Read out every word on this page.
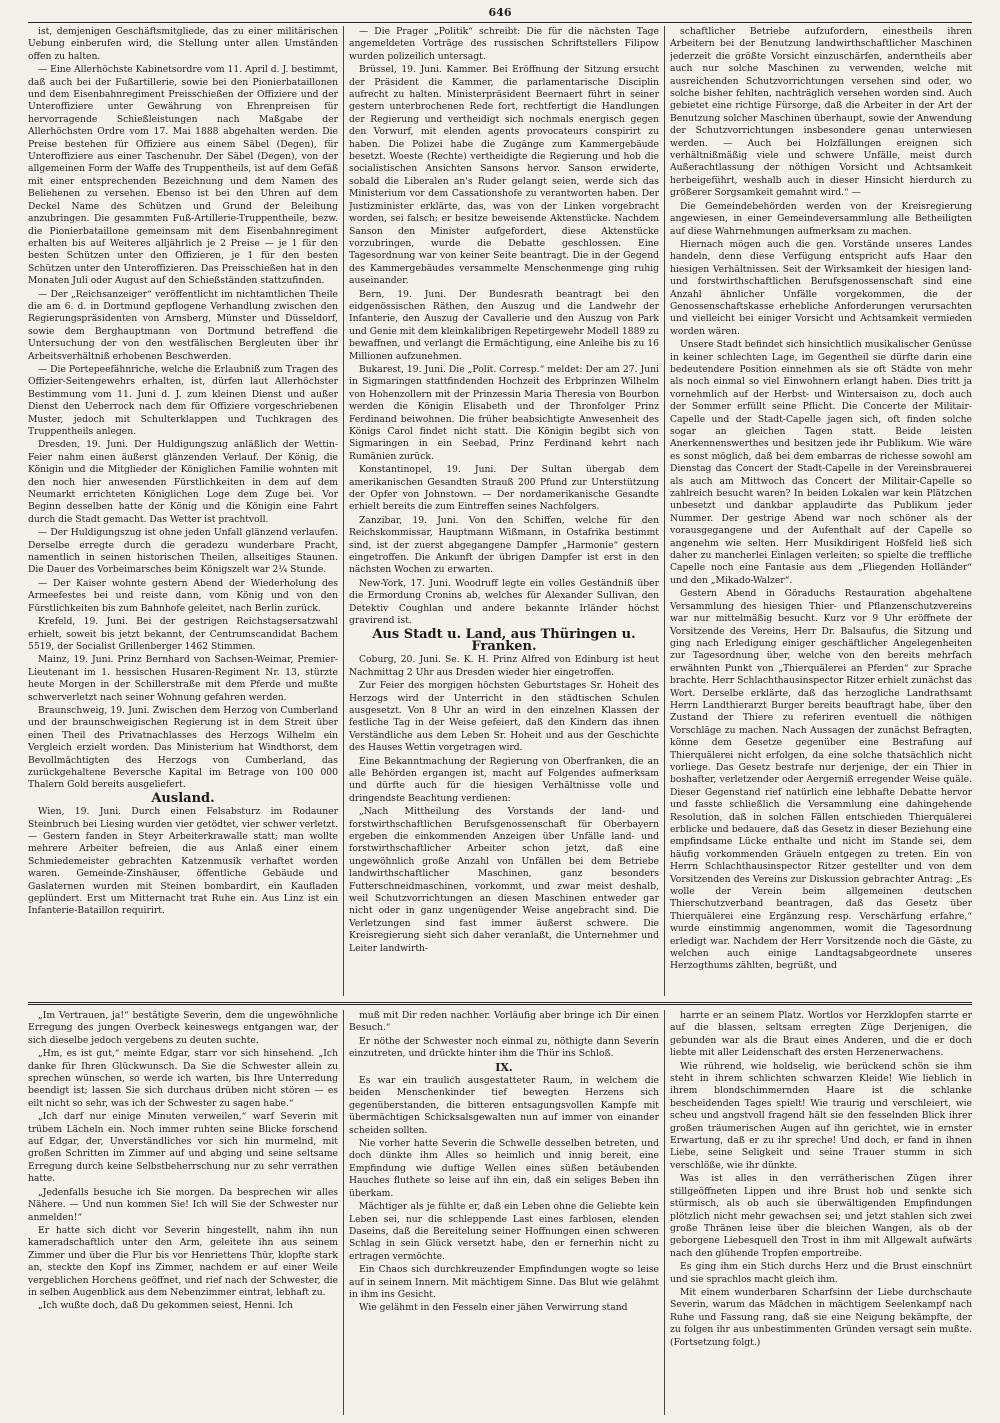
646

ist, demjenigen Geschäftsmitgliede, das zu einer militärischen Uebung einberufen wird, die Stellung unter allen Umständen offen zu halten.

— Eine Allerhöchste Kabinetsordre vom 11. April d. J. bestimmt, daß auch bei der Fußartillerie, sowie bei den Pionierbataillonen und dem Eisenbahnregiment Preisschießen der Offiziere und der Unteroffiziere unter Gewährung von Ehrenpreisen für hervorragende Schießleistungen nach Maßgabe der Allerhöchsten Ordre vom 17. Mai 1888 abgehalten werden. Die Preise bestehen für Offiziere aus einem Säbel (Degen), für Unteroffiziere aus einer Taschenuhr. Der Säbel (Degen), von der allgemeinen Form der Waffe des Truppentheils, ist auf dem Gefäß mit einer entsprechenden Bezeichnung und dem Namen des Beliehenen zu versehen. Ebenso ist bei den Uhren auf dem Deckel Name des Schützen und Grund der Beleihung anzubringen. Die gesammten Fuß-Artillerie-Truppentheile, bezw. die Pionierbataillone gemeinsam mit dem Eisenbahnregiment erhalten bis auf Weiteres alljährlich je 2 Preise — je 1 für den besten Schützen unter den Offizieren, je 1 für den besten Schützen unter den Unteroffizieren. Das Preisschießen hat in den Monaten Juli oder August auf den Schießständen stattzufinden.

— Der „Reichsanzeiger“ veröffentlicht im nichtamtlichen Theile die am 6. d. in Dortmund gepflogene Verhandlung zwischen den Regierungspräsidenten von Arnsberg, Münster und Düsseldorf, sowie dem Berghauptmann von Dortmund betreffend die Untersuchung der von den westfälischen Bergleuten über ihr Arbeitsverhältniß erhobenen Beschwerden.

— Die Portepeefähnriche, welche die Erlaubniß zum Tragen des Offizier-Seitengewehrs erhalten, ist, dürfen laut Allerhöchster Bestimmung vom 11. Juni d. J. zum kleinen Dienst und außer Dienst den Ueberrock nach dem für Offiziere vorgeschriebenen Muster, jedoch mit Schulterklappen und Tuchkragen des Truppentheils anlegen.

Dresden, 19. Juni. Der Huldigungszug anläßlich der Wettin-Feier nahm einen äußerst glänzenden Verlauf. Der König, die Königin und die Mitglieder der Königlichen Familie wohnten mit den noch hier anwesenden Fürstlichkeiten in dem auf dem Neumarkt errichteten Königlichen Loge dem Zuge bei. Vor Beginn desselben hatte der König und die Königin eine Fahrt durch die Stadt gemacht. Das Wetter ist prachtvoll.

— Der Huldigungszug ist ohne jeden Unfall glänzend verlaufen. Derselbe erregte durch die geradezu wunderbare Pracht, namentlich in seinen historischen Theilen, allseitiges Staunen. Die Dauer des Vorbeimarsches beim Königszelt war 2¼ Stunde.

— Der Kaiser wohnte gestern Abend der Wiederholung des Armeefestes bei und reiste dann, vom König und von den Fürstlichkeiten bis zum Bahnhofe geleitet, nach Berlin zurück.

Krefeld, 19. Juni. Bei der gestrigen Reichstagsersatzwahl erhielt, soweit bis jetzt bekannt, der Centrumscandidat Bachem 5519, der Socialist Grillenberger 1462 Stimmen.

Mainz, 19. Juni. Prinz Bernhard von Sachsen-Weimar, Premier-Lieutenant im 1. hessischen Husaren-Regiment Nr. 13, stürzte heute Morgen in der Schillerstraße mit dem Pferde und mußte schwerverletzt nach seiner Wohnung gefahren werden.

Braunschweig, 19. Juni. Zwischen dem Herzog von Cumberland und der braunschweigischen Regierung ist in dem Streit über einen Theil des Privatnachlasses des Herzogs Wilhelm ein Vergleich erzielt worden. Das Ministerium hat Windthorst, dem Bevollmächtigten des Herzogs von Cumberland, das zurückgehaltene Beversche Kapital im Betrage von 100 000 Thalern Gold bereits ausgeliefert.

Ausland.

Wien, 19. Juni. Durch einen Felsabsturz im Rodauner Steinbruch bei Liesing wurden vier getödtet, vier schwer verletzt. — Gestern fanden in Steyr Arbeiterkrawalle statt; man wollte mehrere Arbeiter befreien, die aus Anlaß einer einem Schmiedemeister gebrachten Katzenmusik verhaftet worden waren. Gemeinde-Zinshäuser, öffentliche Gebäude und Gaslaternen wurden mit Steinen bombardirt, ein Kaufladen geplündert. Erst um Mitternacht trat Ruhe ein. Aus Linz ist ein Infanterie-Bataillon requirirt.

— Die Prager „Politik“ schreibt: Die für die nächsten Tage angemeldeten Vorträge des russischen Schriftstellers Filipow wurden polizeilich untersagt.

Brüssel, 19. Juni. Kammer. Bei Eröffnung der Sitzung ersucht der Präsident die Kammer, die parlamentarische Disciplin aufrecht zu halten. Ministerpräsident Beernaert führt in seiner gestern unterbrochenen Rede fort, rechtfertigt die Handlungen der Regierung und vertheidigt sich nochmals energisch gegen den Vorwurf, mit elenden agents provocateurs conspirirt zu haben. Die Polizei habe die Zugänge zum Kammergebäude besetzt. Woeste (Rechte) vertheidigte die Regierung und hob die socialistischen Ansichten Sansons hervor. Sanson erwiderte, sobald die Liberalen an's Ruder gelangt seien, werde sich das Ministerium vor dem Cassationshofe zu verantworten haben. Der Justizminister erklärte, das, was von der Linken vorgebracht worden, sei falsch; er besitze beweisende Aktenstücke. Nachdem Sanson den Minister aufgefordert, diese Aktenstücke vorzubringen, wurde die Debatte geschlossen. Eine Tagesordnung war von keiner Seite beantragt. Die in der Gegend des Kammergebäudes versammelte Menschenmenge ging ruhig auseinander.

Bern, 19. Juni. Der Bundesrath beantragt bei den eidgenössischen Räthen, den Auszug und die Landwehr der Infanterie, den Auszug der Cavallerie und den Auszug von Park und Genie mit dem kleinkalibrigen Repetirgewehr Modell 1889 zu bewaffnen, und verlangt die Ermächtigung, eine Anleihe bis zu 16 Millionen aufzunehmen.

Bukarest, 19. Juni. Die „Polit. Corresp.“ meldet: Der am 27. Juni in Sigmaringen stattfindenden Hochzeit des Erbprinzen Wilhelm von Hohenzollern mit der Prinzessin Maria Theresia von Bourbon werden die Königin Elisabeth und der Thronfolger Prinz Ferdinand beiwohnen. Die früher beabsichtigte Anwesenheit des Königs Carol findet nicht statt. Die Königin begibt sich von Sigmaringen in ein Seebad, Prinz Ferdinand kehrt nach Rumänien zurück.

Konstantinopel, 19. Juni. Der Sultan übergab dem amerikanischen Gesandten Strauß 200 Pfund zur Unterstützung der Opfer von Johnstown. — Der nordamerikanische Gesandte erhielt bereits die zum Eintreffen seines Nachfolgers.

Zanzibar, 19. Juni. Von den Schiffen, welche für den Reichskommissar, Hauptmann Wißmann, in Ostafrika bestimmt sind, ist der zuerst abgegangene Dampfer „Harmonie“ gestern eingetroffen. Die Ankunft der übrigen Dampfer ist erst in den nächsten Wochen zu erwarten.

New-York, 17. Juni. Woodruff legte ein volles Geständniß über die Ermordung Cronins ab, welches für Alexander Sullivan, den Detektiv Coughlan und andere bekannte Irländer höchst gravirend ist.

Aus Stadt u. Land, aus Thüringen u. Franken.

Coburg, 20. Juni. Se. K. H. Prinz Alfred von Edinburg ist heut Nachmittag 2 Uhr aus Dresden wieder hier eingetroffen.

Zur Feier des morgigen höchsten Geburtstages Sr. Hoheit des Herzogs wird der Unterricht in den städtischen Schulen ausgesetzt. Von 8 Uhr an wird in den einzelnen Klassen der festliche Tag in der Weise gefeiert, daß den Kindern das ihnen Verständliche aus dem Leben Sr. Hoheit und aus der Geschichte des Hauses Wettin vorgetragen wird.

Eine Bekanntmachung der Regierung von Oberfranken, die an alle Behörden ergangen ist, macht auf Folgendes aufmerksam und dürfte auch für die hiesigen Verhältnisse volle und dringendste Beachtung verdienen:

„Nach Mittheilung des Vorstands der land- und forstwirthschaftlichen Berufsgenossenschaft für Oberbayern ergeben die einkommenden Anzeigen über Unfälle land- und forstwirthschaftlicher Arbeiter schon jetzt, daß eine ungewöhnlich große Anzahl von Unfällen bei dem Betriebe landwirthschaftlicher Maschinen, ganz besonders Futterschneidmaschinen, vorkommt, und zwar meist deshalb, weil Schutzvorrichtungen an diesen Maschinen entweder gar nicht oder in ganz ungenügender Weise angebracht sind. Die Verletzungen sind fast immer äußerst schwere. Die Kreisregierung sieht sich daher veranlaßt, die Unternehmer und Leiter landwirth-

schaftlicher Betriebe aufzufordern, einestheils ihren Arbeitern bei der Benutzung landwirthschaftlicher Maschinen jederzeit die größte Vorsicht einzuschärfen, anderntheils aber auch nur solche Maschinen zu verwenden, welche mit ausreichenden Schutzvorrichtungen versehen sind oder, wo solche bisher fehlten, nachträglich versehen worden sind. Auch gebietet eine richtige Fürsorge, daß die Arbeiter in der Art der Benutzung solcher Maschinen überhaupt, sowie der Anwendung der Schutzvorrichtungen insbesondere genau unterwiesen werden. — Auch bei Holzfällungen ereignen sich verhältnißmäßig viele und schwere Unfälle, meist durch Außerachtlassung der nöthigen Vorsicht und Achtsamkeit herbeigeführt, weshalb auch in dieser Hinsicht hierdurch zu größerer Sorgsamkeit gemahnt wird.“ —

Die Gemeindebehörden werden von der Kreisregierung angewiesen, in einer Gemeindeversammlung alle Betheiligten auf diese Wahrnehmungen aufmerksam zu machen.

Hiernach mögen auch die gen. Vorstände unseres Landes handeln, denn diese Verfügung entspricht aufs Haar den hiesigen Verhältnissen. Seit der Wirksamkeit der hiesigen land- und forstwirthschaftlichen Berufsgenossenschaft sind eine Anzahl ähnlicher Unfälle vorgekommen, die der Genossenschaftskasse erhebliche Anforderungen verursachten und vielleicht bei einiger Vorsicht und Achtsamkeit vermieden worden wären.

Unsere Stadt befindet sich hinsichtlich musikalischer Genüsse in keiner schlechten Lage, im Gegentheil sie dürfte darin eine bedeutendere Position einnehmen als sie oft Städte von mehr als noch einmal so viel Einwohnern erlangt haben. Dies tritt ja vornehmlich auf der Herbst- und Wintersaison zu, doch auch der Sommer erfüllt seine Pflicht. Die Concerte der Militair-Capelle und der Stadt-Capelle jagen sich, oft finden solche sogar an gleichen Tagen statt. Beide leisten Anerkennenswerthes und besitzen jede ihr Publikum. Wie wäre es sonst möglich, daß bei dem embarras de richesse sowohl am Dienstag das Concert der Stadt-Capelle in der Vereinsbrauerei als auch am Mittwoch das Concert der Militair-Capelle so zahlreich besucht waren? In beiden Lokalen war kein Plätzchen unbesetzt und dankbar applaudirte das Publikum jeder Nummer. Der gestrige Abend war noch schöner als der vorausgegangene und der Aufenthalt auf der Capelle so angenehm wie selten. Herr Musikdirigent Hoßfeld ließ sich daher zu mancherlei Einlagen verleiten; so spielte die treffliche Capelle noch eine Fantasie aus dem „Fliegenden Holländer“ und den „Mikado-Walzer“.

Gestern Abend in Göraduchs Restauration abgehaltene Versammlung des hiesigen Thier- und Pflanzenschutzvereins war nur mittelmäßig besucht. Kurz vor 9 Uhr eröffnete der Vorsitzende des Vereins, Herr Dr. Balsaufus, die Sitzung und ging nach Erledigung einiger geschäftlicher Angelegenheiten zur Tagesordnung über, welche von den bereits mehrfach erwähnten Punkt von „Thierquälerei an Pferden“ zur Sprache brachte. Herr Schlachthausinspector Ritzer erhielt zunächst das Wort. Derselbe erklärte, daß das herzogliche Landrathsamt Herrn Landthierarzt Burger bereits beauftragt habe, über den Zustand der Thiere zu referiren eventuell die nöthigen Vorschläge zu machen. Nach Aussagen der zunächst Befragten, könne dem Gesetze gegenüber eine Bestrafung auf Thierquälerei nicht erfolgen, da eine solche thatsächlich nicht vorliege. Das Gesetz bestrafe nur derjenige, der ein Thier in boshafter, verletzender oder Aergerniß erregender Weise quäle. Dieser Gegenstand rief natürlich eine lebhafte Debatte hervor und fasste schließlich die Versammlung eine dahingehende Resolution, daß in solchen Fällen entschieden Thierquälerei erblicke und bedauere, daß das Gesetz in dieser Beziehung eine empfindsame Lücke enthalte und nicht im Stande sei, dem häufig vorkommenden Gräueln entgegen zu treten. Ein von Herrn Schlachthausinspector Ritzer gestellter und von dem Vorsitzenden des Vereins zur Diskussion gebrachter Antrag: „Es wolle der Verein beim allgemeinen deutschen Thierschutzverband beantragen, daß das Gesetz über Thierquälerei eine Ergänzung resp. Verschärfung erfahre,“ wurde einstimmig angenommen, womit die Tagesordnung erledigt war. Nachdem der Herr Vorsitzende noch die Gäste, zu welchen auch einige Landtagsabgeordnete unseres Herzogthums zählten, begrüßt, und

„Im Vertrauen, ja!“ bestätigte Severin, dem die ungewöhnliche Erregung des jungen Overbeck keineswegs entgangen war, der sich dieselbe jedoch vergebens zu deuten suchte.

„Hm, es ist gut,“ meinte Edgar, starr vor sich hinsehend. „Ich danke für Ihren Glückwunsch. Da Sie die Schwester allein zu sprechen wünschen, so werde ich warten, bis Ihre Unterredung beendigt ist; lassen Sie sich durchaus drüben nicht stören — es eilt nicht so sehr, was ich der Schwester zu sagen habe.“

„Ich darf nur einige Minuten verweilen,“ warf Severin mit trübem Lächeln ein. Noch immer ruhten seine Blicke forschend auf Edgar, der, Unverständliches vor sich hin murmelnd, mit großen Schritten im Zimmer auf und abging und seine seltsame Erregung durch keine Selbstbeherrschung nur zu sehr verrathen hatte.

„Jedenfalls besuche ich Sie morgen. Da besprechen wir alles Nähere. — Und nun kommen Sie! Ich will Sie der Schwester nur anmelden!“

Er hatte sich dicht vor Severin hingestellt, nahm ihn nun kameradschaftlich unter den Arm, geleitete ihn aus seinem Zimmer und über die Flur bis vor Henriettens Thür, klopfte stark an, steckte den Kopf ins Zimmer, nachdem er auf einer Weile vergeblichen Horchens geöffnet, und rief nach der Schwester, die in selben Augenblick aus dem Nebenzimmer eintrat, lebhaft zu.

„Ich wußte doch, daß Du gekommen seiest, Henni. Ich

muß mit Dir reden nachher. Vorläufig aber bringe ich Dir einen Besuch.“

Er nöthe der Schwester noch einmal zu, nöthigte dann Severin einzutreten, und drückte hinter ihm die Thür ins Schloß.

IX.

Es war ein traulich ausgestatteter Raum, in welchem die beiden Menschenkinder tief bewegten Herzens sich gegenüberstanden, die bitteren entsagungsvollen Kampfe mit übermächtigen Schicksalsgewalten nun auf immer von einander scheiden sollten.

Nie vorher hatte Severin die Schwelle desselben betreten, und doch dünkte ihm Alles so heimlich und innig bereit, eine Empfindung wie duftige Wellen eines süßen betäubenden Hauches fluthete so leise auf ihn ein, daß ein seliges Beben ihn überkam.

Mächtiger als je fühlte er, daß ein Leben ohne die Geliebte kein Leben sei, nur die schleppende Last eines farblosen, elenden Daseins, daß die Bereitelung seiner Hoffnungen einen schweren Schlag in sein Glück versetzt habe, den er fernerhin nicht zu ertragen vermöchte.

Ein Chaos sich durchkreuzender Empfindungen wogte so leise auf in seinem Innern. Mit mächtigem Sinne. Das Blut wie gelähmt in ihm ins Gesicht.

Wie gelähmt in den Fesseln einer jähen Verwirrung stand

harrte er an seinem Platz. Wortlos vor Herzklopfen starrte er auf die blassen, seltsam erregten Züge Derjenigen, die gebunden war als die Braut eines Anderen, und die er doch liebte mit aller Leidenschaft des ersten Herzenerwachens.

Wie rührend, wie holdselig, wie berückend schön sie ihm steht in ihrem schlichten schwarzen Kleide! Wie lieblich in ihrem blondschimmernden Haare ist die schlanke bescheidenden Tages spielt! Wie traurig und verschleiert, wie scheu und angstvoll fragend hält sie den fesselnden Blick ihrer großen träumerischen Augen auf ihn gerichtet, wie in ernster Erwartung, daß er zu ihr spreche! Und doch, er fand in ihnen Liebe, seine Seligkeit und seine Trauer stumm in sich verschlöße, wie ihr dünkte.

Was ist alles in den verrätherischen Zügen ihrer stillgeöffneten Lippen und ihre Brust hob und senkte sich stürmisch, als ob auch sie überwältigenden Empfindungen plötzlich nicht mehr gewachsen sei; und jetzt stahlen sich zwei große Thränen leise über die bleichen Wangen, als ob der geborgene Liebesquell den Trost in ihm mit Allgewalt aufwärts nach den glühende Tropfen emportreibe.

Es ging ihm ein Stich durchs Herz und die Brust einschnürt und sie sprachlos macht gleich ihm.

Mit einem wunderbaren Scharfsinn der Liebe durchschaute Severin, warum das Mädchen in mächtigem Seelenkampf nach Ruhe und Fassung rang, daß sie eine Neigung bekämpfte, der zu folgen ihr aus unbestimmenten Gründen versagt sein mußte. (Fortsetzung folgt.)
